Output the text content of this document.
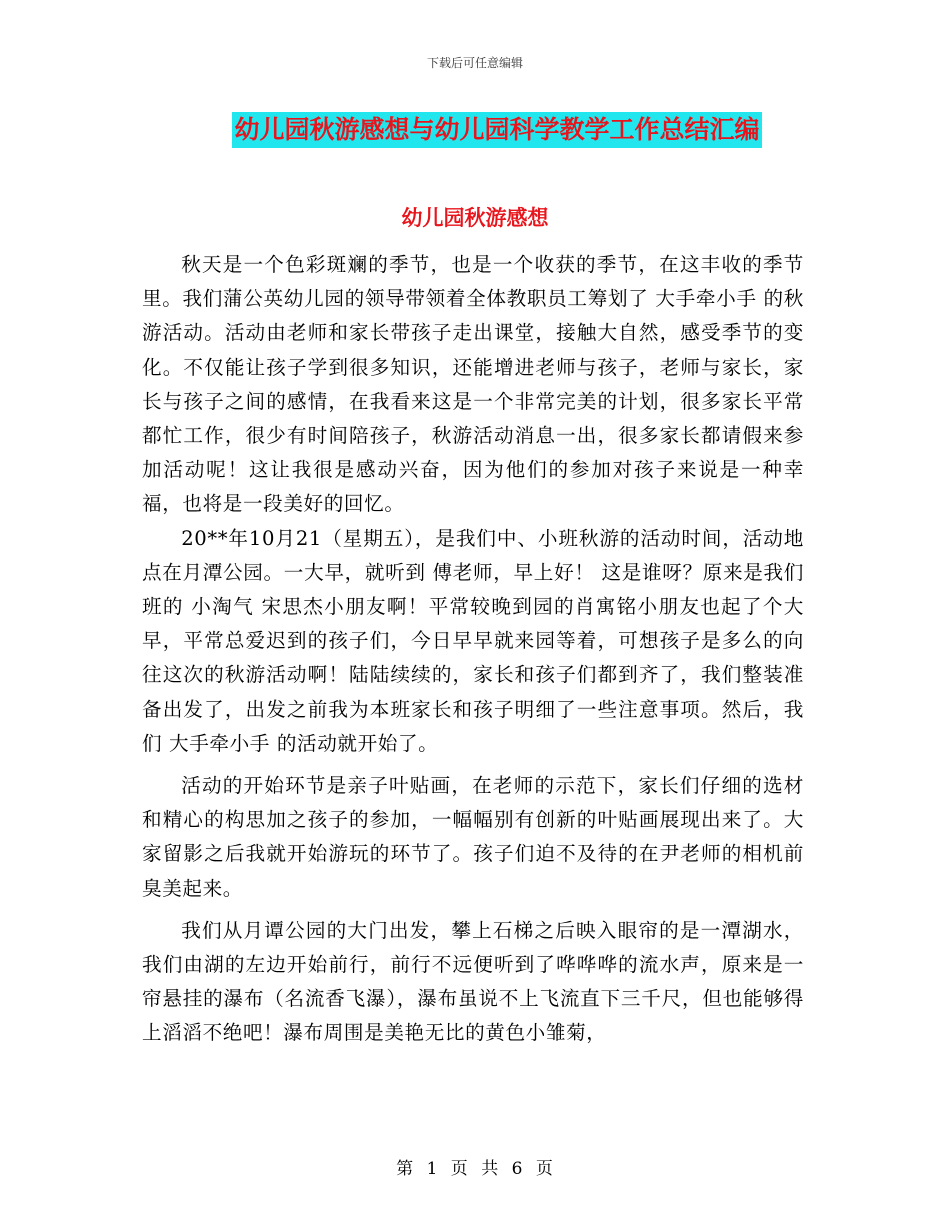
下载后可任意编辑
幼儿园秋游感想与幼儿园科学教学工作总结汇编
幼儿园秋游感想

秋天是一个色彩斑斓的季节，也是一个收获的季节，在这丰收的季节里。我们蒲公英幼儿园的领导带领着全体教职员工筹划了 大手牵小手 的秋游活动。活动由老师和家长带孩子走出课堂，接触大自然，感受季节的变化。不仅能让孩子学到很多知识，还能增进老师与孩子，老师与家长，家长与孩子之间的感情，在我看来这是一个非常完美的计划，很多家长平常都忙工作，很少有时间陪孩子，秋游活动消息一出，很多家长都请假来参加活动呢！这让我很是感动兴奋，因为他们的参加对孩子来说是一种幸福，也将是一段美好的回忆。

20**年10月21（星期五），是我们中、小班秋游的活动时间，活动地点在月潭公园。一大早，就听到 傅老师，早上好！ 这是谁呀？原来是我们班的 小淘气 宋思杰小朋友啊！平常较晚到园的肖寓铭小朋友也起了个大早，平常总爱迟到的孩子们，今日早早就来园等着，可想孩子是多么的向往这次的秋游活动啊！陆陆续续的，家长和孩子们都到齐了，我们整装准备出发了，出发之前我为本班家长和孩子明细了一些注意事项。然后，我们 大手牵小手 的活动就开始了。

活动的开始环节是亲子叶贴画，在老师的示范下，家长们仔细的选材和精心的构思加之孩子的参加，一幅幅别有创新的叶贴画展现出来了。大家留影之后我就开始游玩的环节了。孩子们迫不及待的在尹老师的相机前臭美起来。

我们从月谭公园的大门出发，攀上石梯之后映入眼帘的是一潭湖水，我们由湖的左边开始前行，前行不远便听到了哗哗哗的流水声，原来是一帘悬挂的瀑布（名流香飞瀑），瀑布虽说不上飞流直下三千尺，但也能够得上滔滔不绝吧！瀑布周围是美艳无比的黄色小雏菊，

第 1 页 共 6 页
